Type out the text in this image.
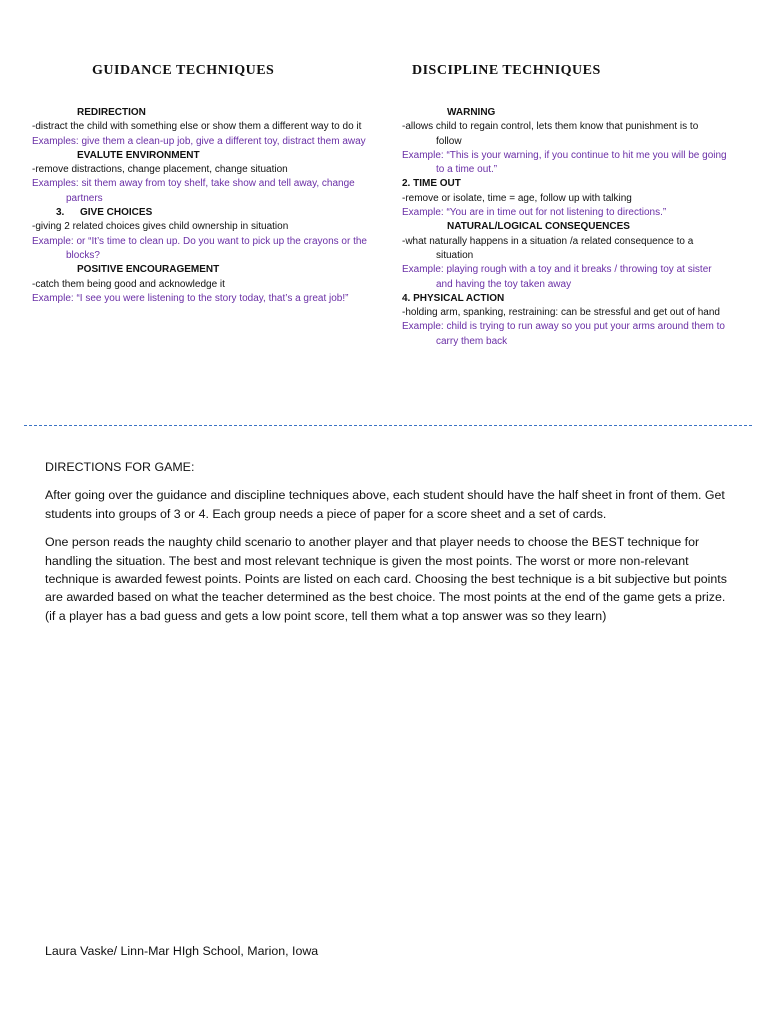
GUIDANCE TECHNIQUES
REDIRECTION
-distract the child with something else or show them a different way to do it
Examples: give them a clean-up job, give a different toy, distract them away
EVALUTE ENVIRONMENT
-remove distractions, change placement, change situation
Examples: sit them away from toy shelf, take show and tell away, change
partners
3. GIVE CHOICES
-giving 2 related choices gives child ownership in situation
Example: or “It’s time to clean up. Do you want to pick up the crayons or the
blocks?
POSITIVE ENCOURAGEMENT
-catch them being good and acknowledge it
Example: “I see you were listening to the story today, that’s a great job!”
DISCIPLINE TECHNIQUES
WARNING
-allows child to regain control, lets them know that punishment is to
follow
Example: “This is your warning, if you continue to hit me you will be going
to a time out.”
2. TIME OUT
-remove or isolate, time = age, follow up with talking
Example: “You are in time out for not listening to directions.”
NATURAL/LOGICAL CONSEQUENCES
-what naturally happens in a situation /a related consequence to a
situation
Example: playing rough with a toy and it breaks / throwing toy at sister
and having the toy taken away
4. PHYSICAL ACTION
-holding arm, spanking, restraining: can be stressful and get out of hand
Example: child is trying to run away so you put your arms around them to
carry them back

DIRECTIONS FOR GAME:

After going over the guidance and discipline techniques above, each student should have the half sheet in front of them. Get students into groups of 3 or 4. Each group needs a piece of paper for a score sheet and a set of cards.

One person reads the naughty child scenario to another player and that player needs to choose the BEST technique for handling the situation. The best and most relevant technique is given the most points. The worst or more non-relevant technique is awarded fewest points. Points are listed on each card. Choosing the best technique is a bit subjective but points are awarded based on what the teacher determined as the best choice. The most points at the end of the game gets a prize. (if a player has a bad guess and gets a low point score, tell them what a top answer was so they learn)

Laura Vaske/ Linn-Mar HIgh School, Marion, Iowa
